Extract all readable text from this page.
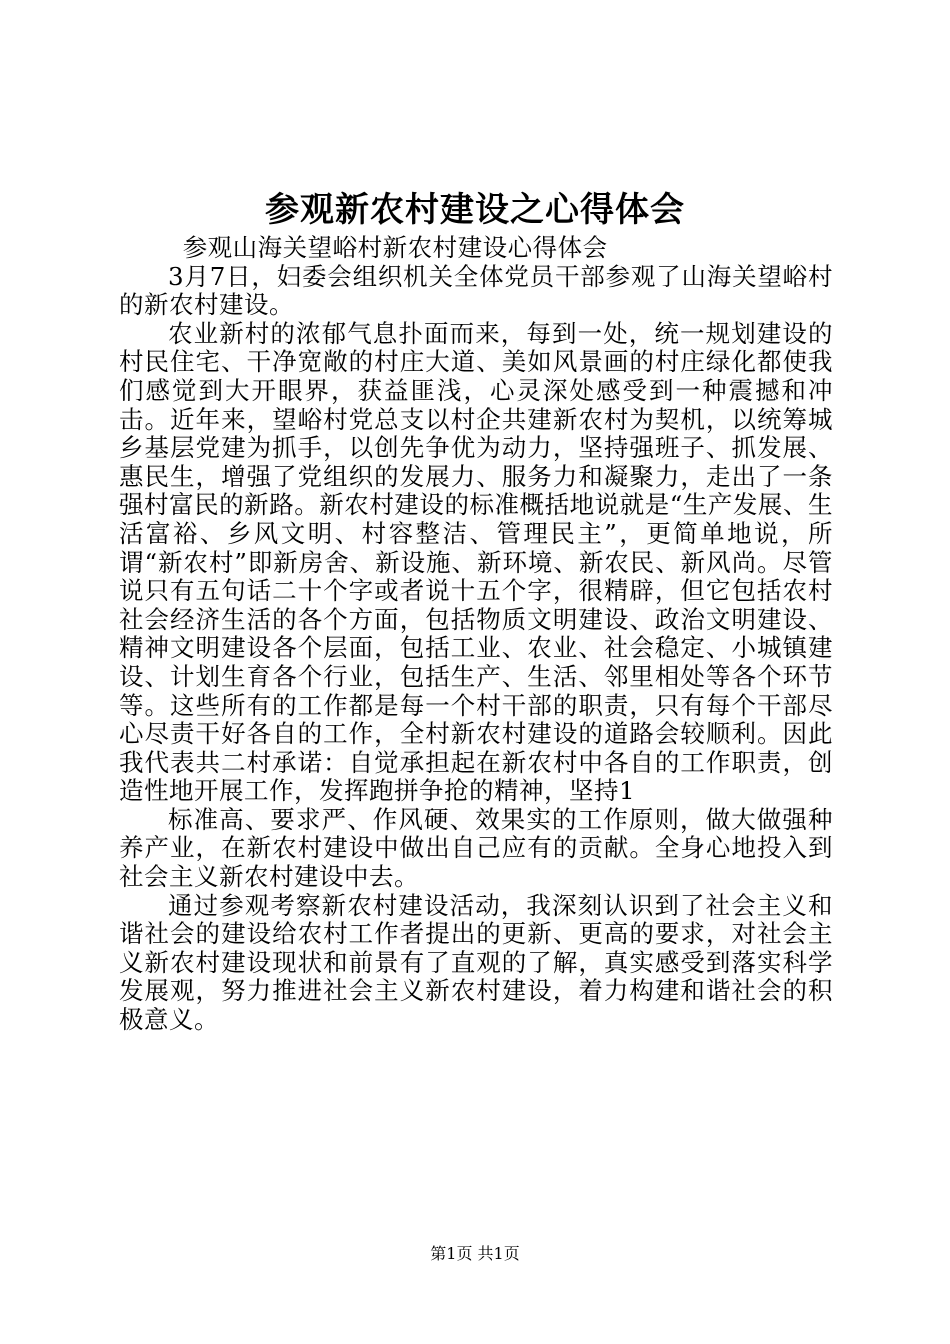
参观新农村建设之心得体会

参观山海关望峪村新农村建设心得体会

3月7日，妇委会组织机关全体党员干部参观了山海关望峪村的新农村建设。

农业新村的浓郁气息扑面而来，每到一处，统一规划建设的村民住宅、干净宽敞的村庄大道、美如风景画的村庄绿化都使我们感觉到大开眼界，获益匪浅，心灵深处感受到一种震撼和冲击。近年来，望峪村党总支以村企共建新农村为契机，以统筹城乡基层党建为抓手，以创先争优为动力，坚持强班子、抓发展、惠民生，增强了党组织的发展力、服务力和凝聚力，走出了一条强村富民的新路。新农村建设的标准概括地说就是“生产发展、生活富裕、乡风文明、村容整洁、管理民主”，更简单地说，所谓“新农村”即新房舍、新设施、新环境、新农民、新风尚。尽管说只有五句话二十个字或者说十五个字，很精辟，但它包括农村社会经济生活的各个方面，包括物质文明建设、政治文明建设、精神文明建设各个层面，包括工业、农业、社会稳定、小城镇建设、计划生育各个行业，包括生产、生活、邻里相处等各个环节等。这些所有的工作都是每一个村干部的职责，只有每个干部尽心尽责干好各自的工作，全村新农村建设的道路会较顺利。因此我代表共二村承诺：自觉承担起在新农村中各自的工作职责，创造性地开展工作，发挥跑拼争抢的精神，坚持1

标准高、要求严、作风硬、效果实的工作原则，做大做强种养产业，在新农村建设中做出自己应有的贡献。全身心地投入到社会主义新农村建设中去。

通过参观考察新农村建设活动，我深刻认识到了社会主义和谐社会的建设给农村工作者提出的更新、更高的要求，对社会主义新农村建设现状和前景有了直观的了解，真实感受到落实科学发展观，努力推进社会主义新农村建设，着力构建和谐社会的积极意义。

第1页 共1页
